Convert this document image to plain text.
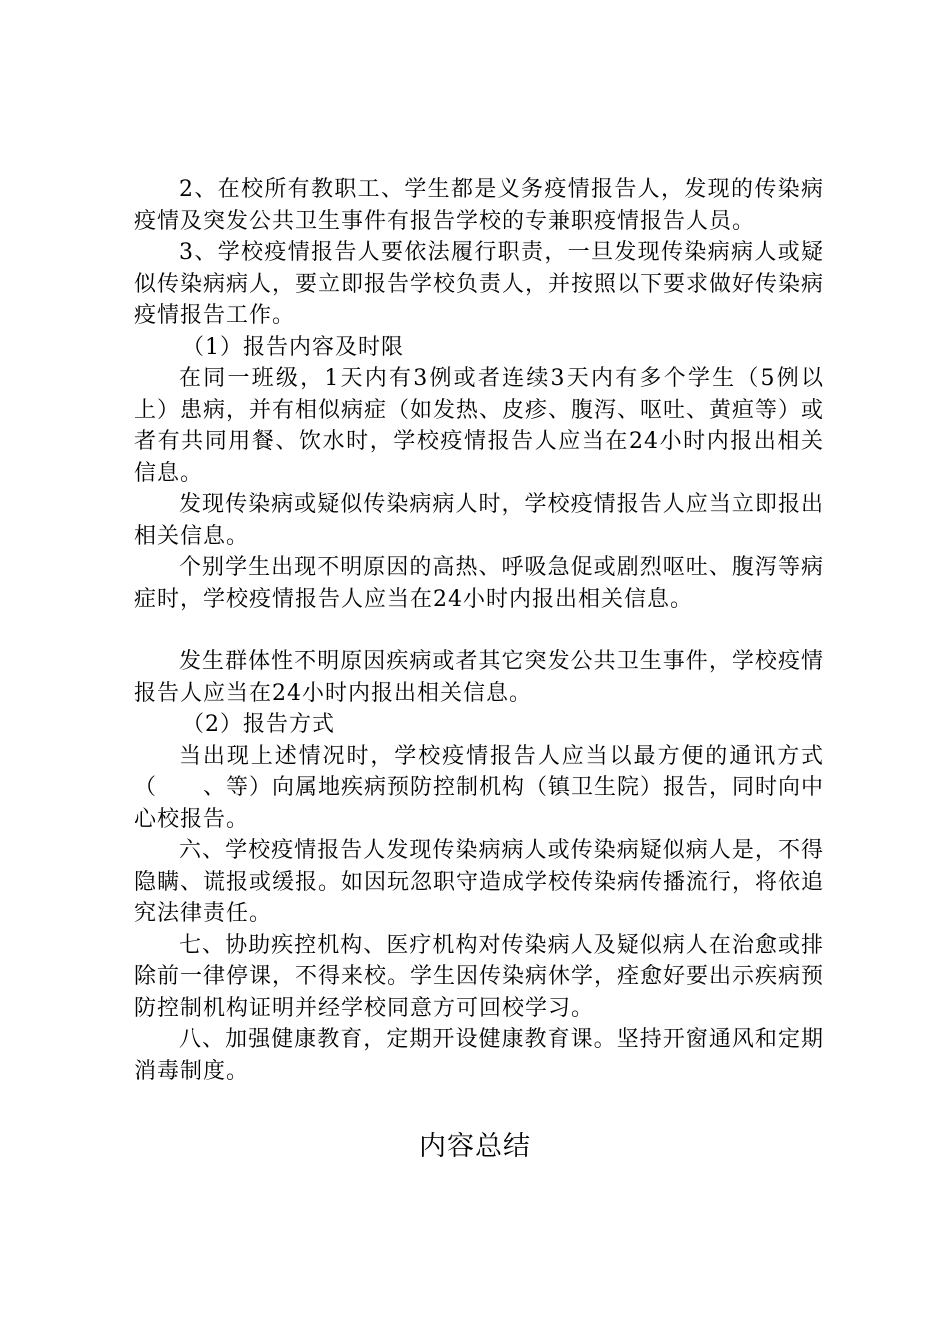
2、在校所有教职工、学生都是义务疫情报告人，发现的传染病疫情及突发公共卫生事件有报告学校的专兼职疫情报告人员。

3、学校疫情报告人要依法履行职责，一旦发现传染病病人或疑似传染病病人，要立即报告学校负责人，并按照以下要求做好传染病疫情报告工作。

（1）报告内容及时限

在同一班级，1天内有3例或者连续3天内有多个学生（5例以上）患病，并有相似病症（如发热、皮疹、腹泻、呕吐、黄疸等）或者有共同用餐、饮水时，学校疫情报告人应当在24小时内报出相关信息。

发现传染病或疑似传染病病人时，学校疫情报告人应当立即报出相关信息。

个别学生出现不明原因的高热、呼吸急促或剧烈呕吐、腹泻等病症时，学校疫情报告人应当在24小时内报出相关信息。

发生群体性不明原因疾病或者其它突发公共卫生事件，学校疫情报告人应当在24小时内报出相关信息。

（2）报告方式

当出现上述情况时，学校疫情报告人应当以最方便的通讯方式（　　、等）向属地疾病预防控制机构（镇卫生院）报告，同时向中心校报告。

六、学校疫情报告人发现传染病病人或传染病疑似病人是，不得隐瞒、谎报或缓报。如因玩忽职守造成学校传染病传播流行，将依追究法律责任。

七、协助疾控机构、医疗机构对传染病人及疑似病人在治愈或排除前一律停课，不得来校。学生因传染病休学，痊愈好要出示疾病预防控制机构证明并经学校同意方可回校学习。

八、加强健康教育，定期开设健康教育课。坚持开窗通风和定期消毒制度。

内容总结
